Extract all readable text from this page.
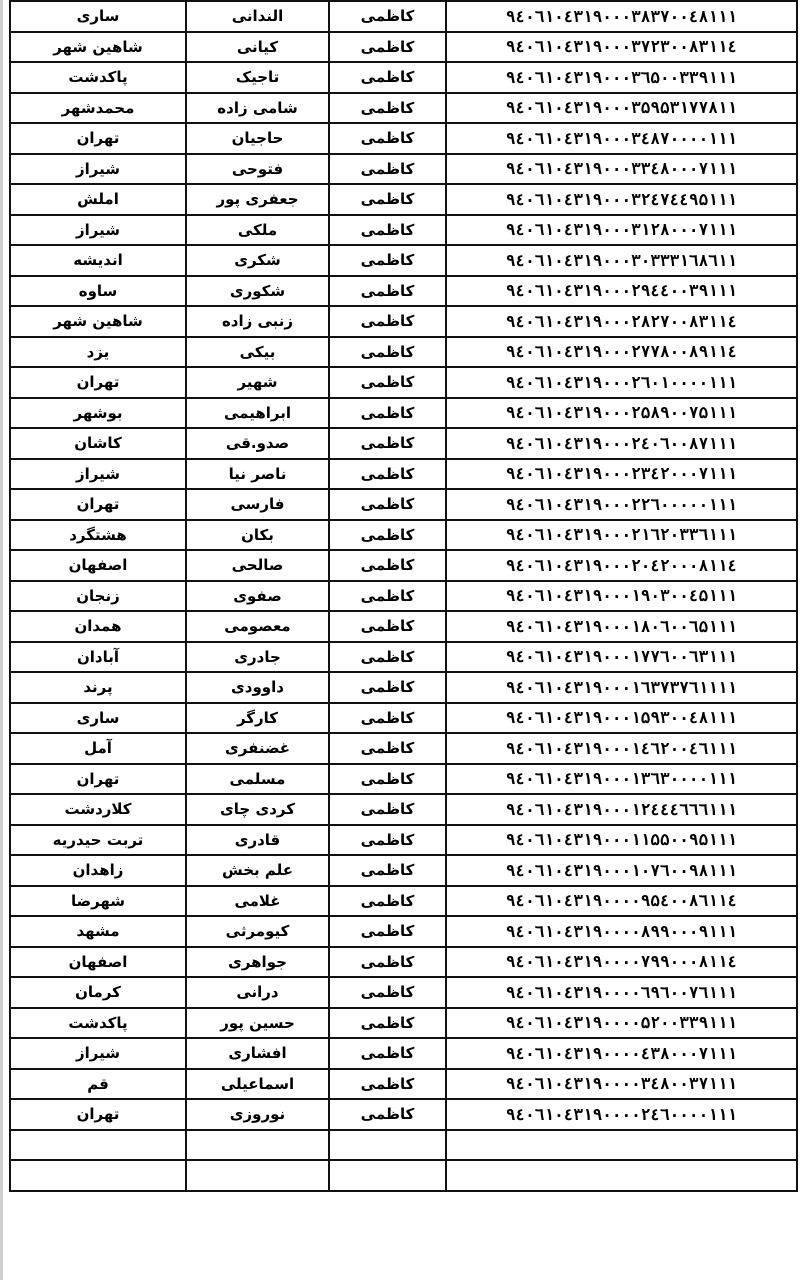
ساری	الندانی	کاظمی	۹٤۰٦۱۰٤۳۱۹۰۰۰۳۸۳۷۰۰٤۸۱۱۱
شاهین شهر	کیانی	کاظمی	۹٤۰٦۱۰٤۳۱۹۰۰۰۳۷۲۳۰۰۸۳۱۱٤
پاکدشت	تاجیک	کاظمی	۹٤۰٦۱۰٤۳۱۹۰۰۰۳٦۵۰۰۳۳۹۱۱۱
محمدشهر	شامی زاده	کاظمی	۹٤۰٦۱۰٤۳۱۹۰۰۰۳۵۹۵۳۱۷۷۸۱۱
تهران	حاجیان	کاظمی	۹٤۰٦۱۰٤۳۱۹۰۰۰۳٤۸۷۰۰۰۰۱۱۱
شیراز	فتوحی	کاظمی	۹٤۰٦۱۰٤۳۱۹۰۰۰۳۳٤۸۰۰۰۷۱۱۱
املش	جعفری پور	کاظمی	۹٤۰٦۱۰٤۳۱۹۰۰۰۳۲٤۷٤٤۹۵۱۱۱
شیراز	ملکی	کاظمی	۹٤۰٦۱۰٤۳۱۹۰۰۰۳۱۲۸۰۰۰۷۱۱۱
اندیشه	شکری	کاظمی	۹٤۰٦۱۰٤۳۱۹۰۰۰۳۰۳۳۳۱٦۸٦۱۱
ساوه	شکوری	کاظمی	۹٤۰٦۱۰٤۳۱۹۰۰۰۲۹٤٤۰۰۳۹۱۱۱
شاهین شهر	زنبی زاده	کاظمی	۹٤۰٦۱۰٤۳۱۹۰۰۰۲۸۲۷۰۰۸۳۱۱٤
یزد	بیکی	کاظمی	۹٤۰٦۱۰٤۳۱۹۰۰۰۲۷۷۸۰۰۸۹۱۱٤
تهران	شهیر	کاظمی	۹٤۰٦۱۰٤۳۱۹۰۰۰۲٦۰۱۰۰۰۰۱۱۱
بوشهر	ابراهیمی	کاظمی	۹٤۰٦۱۰٤۳۱۹۰۰۰۲۵۸۹۰۰۷۵۱۱۱
کاشان	صدو.قی	کاظمی	۹٤۰٦۱۰٤۳۱۹۰۰۰۲٤۰٦۰۰۸۷۱۱۱
شیراز	ناصر نیا	کاظمی	۹٤۰٦۱۰٤۳۱۹۰۰۰۲۳٤۲۰۰۰۷۱۱۱
تهران	فارسی	کاظمی	۹٤۰٦۱۰٤۳۱۹۰۰۰۲۲٦۰۰۰۰۰۱۱۱
هشتگرد	بکان	کاظمی	۹٤۰٦۱۰٤۳۱۹۰۰۰۲۱٦۲۰۳۳٦۱۱۱
اصفهان	صالحی	کاظمی	۹٤۰٦۱۰٤۳۱۹۰۰۰۲۰٤۲۰۰۰۸۱۱٤
زنجان	صفوی	کاظمی	۹٤۰٦۱۰٤۳۱۹۰۰۰۱۹۰۳۰۰٤۵۱۱۱
همدان	معصومی	کاظمی	۹٤۰٦۱۰٤۳۱۹۰۰۰۱۸۰٦۰۰٦۵۱۱۱
آبادان	جادری	کاظمی	۹٤۰٦۱۰٤۳۱۹۰۰۰۱۷۷٦۰۰٦۳۱۱۱
پرند	داوودی	کاظمی	۹٤۰٦۱۰٤۳۱۹۰۰۰۱٦۳۷۳۷٦۱۱۱۱
ساری	کارگر	کاظمی	۹٤۰٦۱۰٤۳۱۹۰۰۰۱۵۹۳۰۰٤۸۱۱۱
آمل	غضنفری	کاظمی	۹٤۰٦۱۰٤۳۱۹۰۰۰۱٤٦۲۰۰٤٦۱۱۱
تهران	مسلمی	کاظمی	۹٤۰٦۱۰٤۳۱۹۰۰۰۱۳٦۳۰۰۰۰۱۱۱
کلاردشت	کردی چای	کاظمی	۹٤۰٦۱۰٤۳۱۹۰۰۰۱۲٤٤٤٦٦٦۱۱۱
تربت حیدریه	قادری	کاظمی	۹٤۰٦۱۰٤۳۱۹۰۰۰۱۱۵۵۰۰۹۵۱۱۱
زاهدان	علم بخش	کاظمی	۹٤۰٦۱۰٤۳۱۹۰۰۰۱۰۷٦۰۰۹۸۱۱۱
شهرضا	غلامی	کاظمی	۹٤۰٦۱۰٤۳۱۹۰۰۰۰۹۵٤۰۰۸٦۱۱٤
مشهد	کیومرثی	کاظمی	۹٤۰٦۱۰٤۳۱۹۰۰۰۰۸۹۹۰۰۰۹۱۱۱
اصفهان	جواهری	کاظمی	۹٤۰٦۱۰٤۳۱۹۰۰۰۰۷۹۹۰۰۰۸۱۱٤
کرمان	درانی	کاظمی	۹٤۰٦۱۰٤۳۱۹۰۰۰۰٦۹٦۰۰۷٦۱۱۱
پاکدشت	حسین پور	کاظمی	۹٤۰٦۱۰٤۳۱۹۰۰۰۰۵۲۰۰۳۳۹۱۱۱
شیراز	افشاری	کاظمی	۹٤۰٦۱۰٤۳۱۹۰۰۰۰٤۳۸۰۰۰۷۱۱۱
قم	اسماعیلی	کاظمی	۹٤۰٦۱۰٤۳۱۹۰۰۰۰۳٤۸۰۰۳۷۱۱۱
تهران	نوروزی	کاظمی	۹٤۰٦۱۰٤۳۱۹۰۰۰۰۲٤٦۰۰۰۰۱۱۱
